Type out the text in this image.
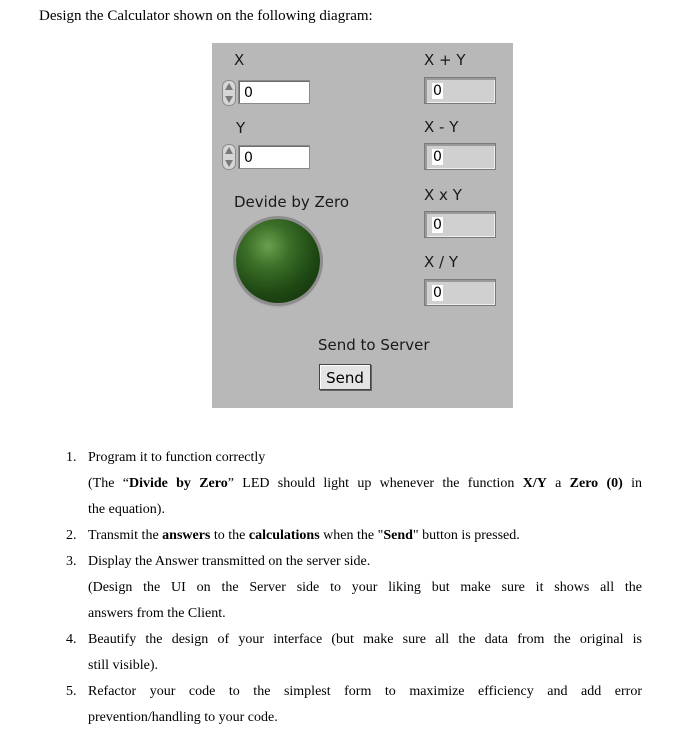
Design the Calculator shown on the following diagram:
X
0
Y
0
Devide by Zero
X + Y
0
X - Y
0
X x Y
0
X / Y
0
Send to Server
Send
1. Program it to function correctly
(The “Divide by Zero” LED should light up whenever the function X/Y a Zero (0) in
the equation).
2. Transmit the answers to the calculations when the "Send" button is pressed.
3. Display the Answer transmitted on the server side.
(Design the UI on the Server side to your liking but make sure it shows all the
answers from the Client.
4. Beautify the design of your interface (but make sure all the data from the original is
still visible).
5. Refactor your code to the simplest form to maximize efficiency and add error
prevention/handling to your code.
